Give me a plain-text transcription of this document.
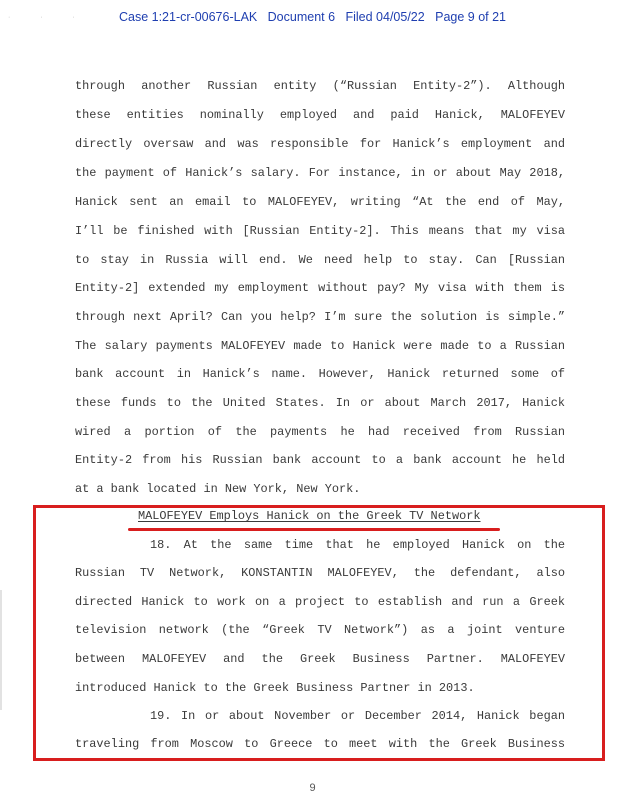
· · ·	Case 1:21-cr-00676-LAK   Document 6   Filed 04/05/22   Page 9 of 21
through another Russian entity (“Russian Entity-2”). Although
these entities nominally employed and paid Hanick, MALOFEYEV
directly oversaw and was responsible for Hanick’s employment and
the payment of Hanick’s salary. For instance, in or about May 2018,
Hanick sent an email to MALOFEYEV, writing “At the end of May,
I’ll be finished with [Russian Entity-2]. This means that my visa
to stay in Russia will end. We need help to stay. Can [Russian
Entity-2] extended my employment without pay? My visa with them is
through next April? Can you help? I’m sure the solution is simple.”
The salary payments MALOFEYEV made to Hanick were made to a Russian
bank account in Hanick’s name. However, Hanick returned some of
these funds to the United States. In or about March 2017, Hanick
wired a portion of the payments he had received from Russian
Entity-2 from his Russian bank account to a bank account he held
at a bank located in New York, New York.
MALOFEYEV Employs Hanick on the Greek TV Network
18. At the same time that he employed Hanick on the
Russian TV Network, KONSTANTIN MALOFEYEV, the defendant, also
directed Hanick to work on a project to establish and run a Greek
television network (the “Greek TV Network”) as a joint venture
between MALOFEYEV and the Greek Business Partner. MALOFEYEV
introduced Hanick to the Greek Business Partner in 2013.
19. In or about November or December 2014, Hanick began
traveling from Moscow to Greece to meet with the Greek Business
9
